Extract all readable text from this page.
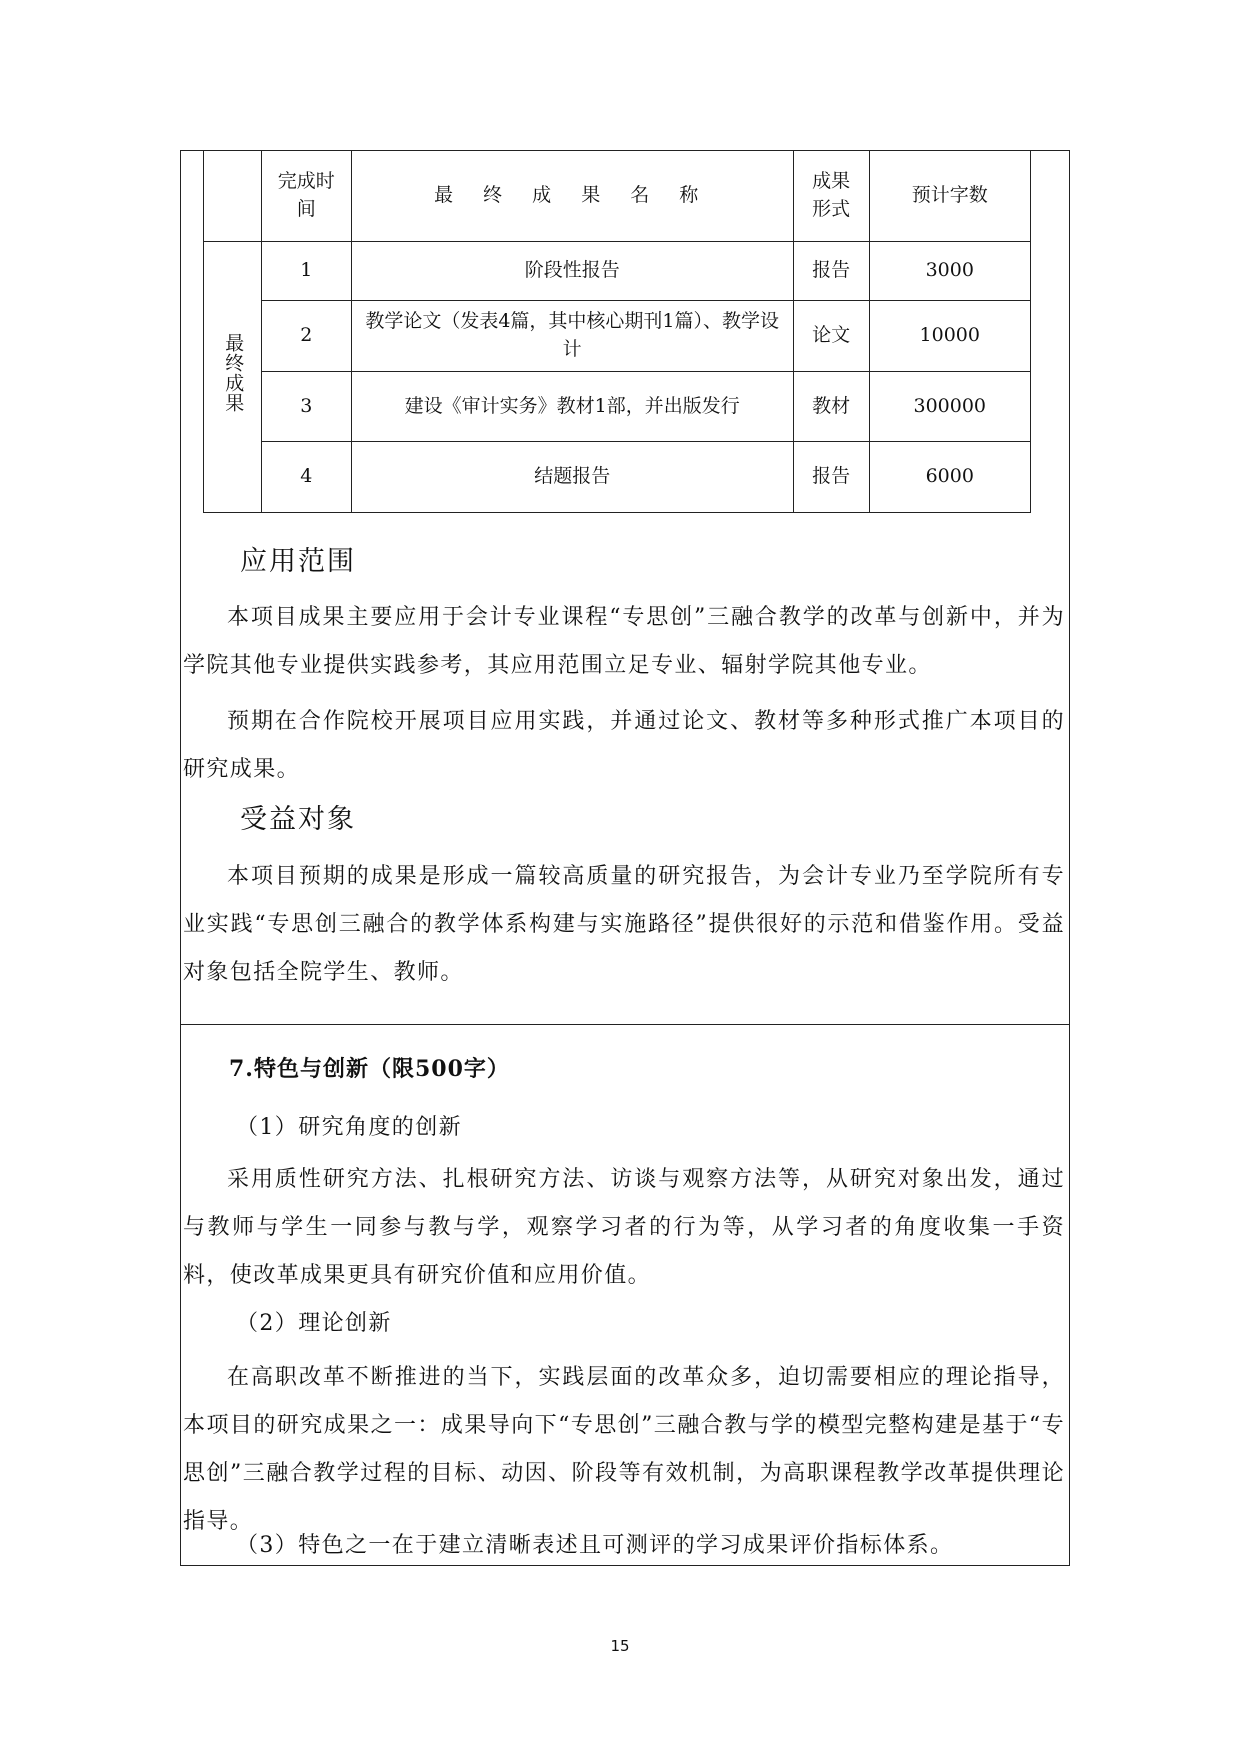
	完成时间	最 终 成 果 名 称	成果形式	预计字数
最终成果	1	阶段性报告	报告	3000
	2	教学论文（发表4篇，其中核心期刊1篇）、教学设计	论文	10000
	3	建设《审计实务》教材1部，并出版发行	教材	300000
	4	结题报告	报告	6000
应用范围

本项目成果主要应用于会计专业课程“专思创”三融合教学的改革与创新中，并为学院其他专业提供实践参考，其应用范围立足专业、辐射学院其他专业。

预期在合作院校开展项目应用实践，并通过论文、教材等多种形式推广本项目的研究成果。

受益对象

本项目预期的成果是形成一篇较高质量的研究报告，为会计专业乃至学院所有专业实践“专思创三融合的教学体系构建与实施路径”提供很好的示范和借鉴作用。受益对象包括全院学生、教师。

7.特色与创新（限500字）
（1）研究角度的创新

采用质性研究方法、扎根研究方法、访谈与观察方法等，从研究对象出发，通过与教师与学生一同参与教与学，观察学习者的行为等，从学习者的角度收集一手资料，使改革成果更具有研究价值和应用价值。

（2）理论创新

在高职改革不断推进的当下，实践层面的改革众多，迫切需要相应的理论指导，本项目的研究成果之一：成果导向下“专思创”三融合教与学的模型完整构建是基于“专思创”三融合教学过程的目标、动因、阶段等有效机制，为高职课程教学改革提供理论指导。

（3）特色之一在于建立清晰表述且可测评的学习成果评价指标体系。
15
